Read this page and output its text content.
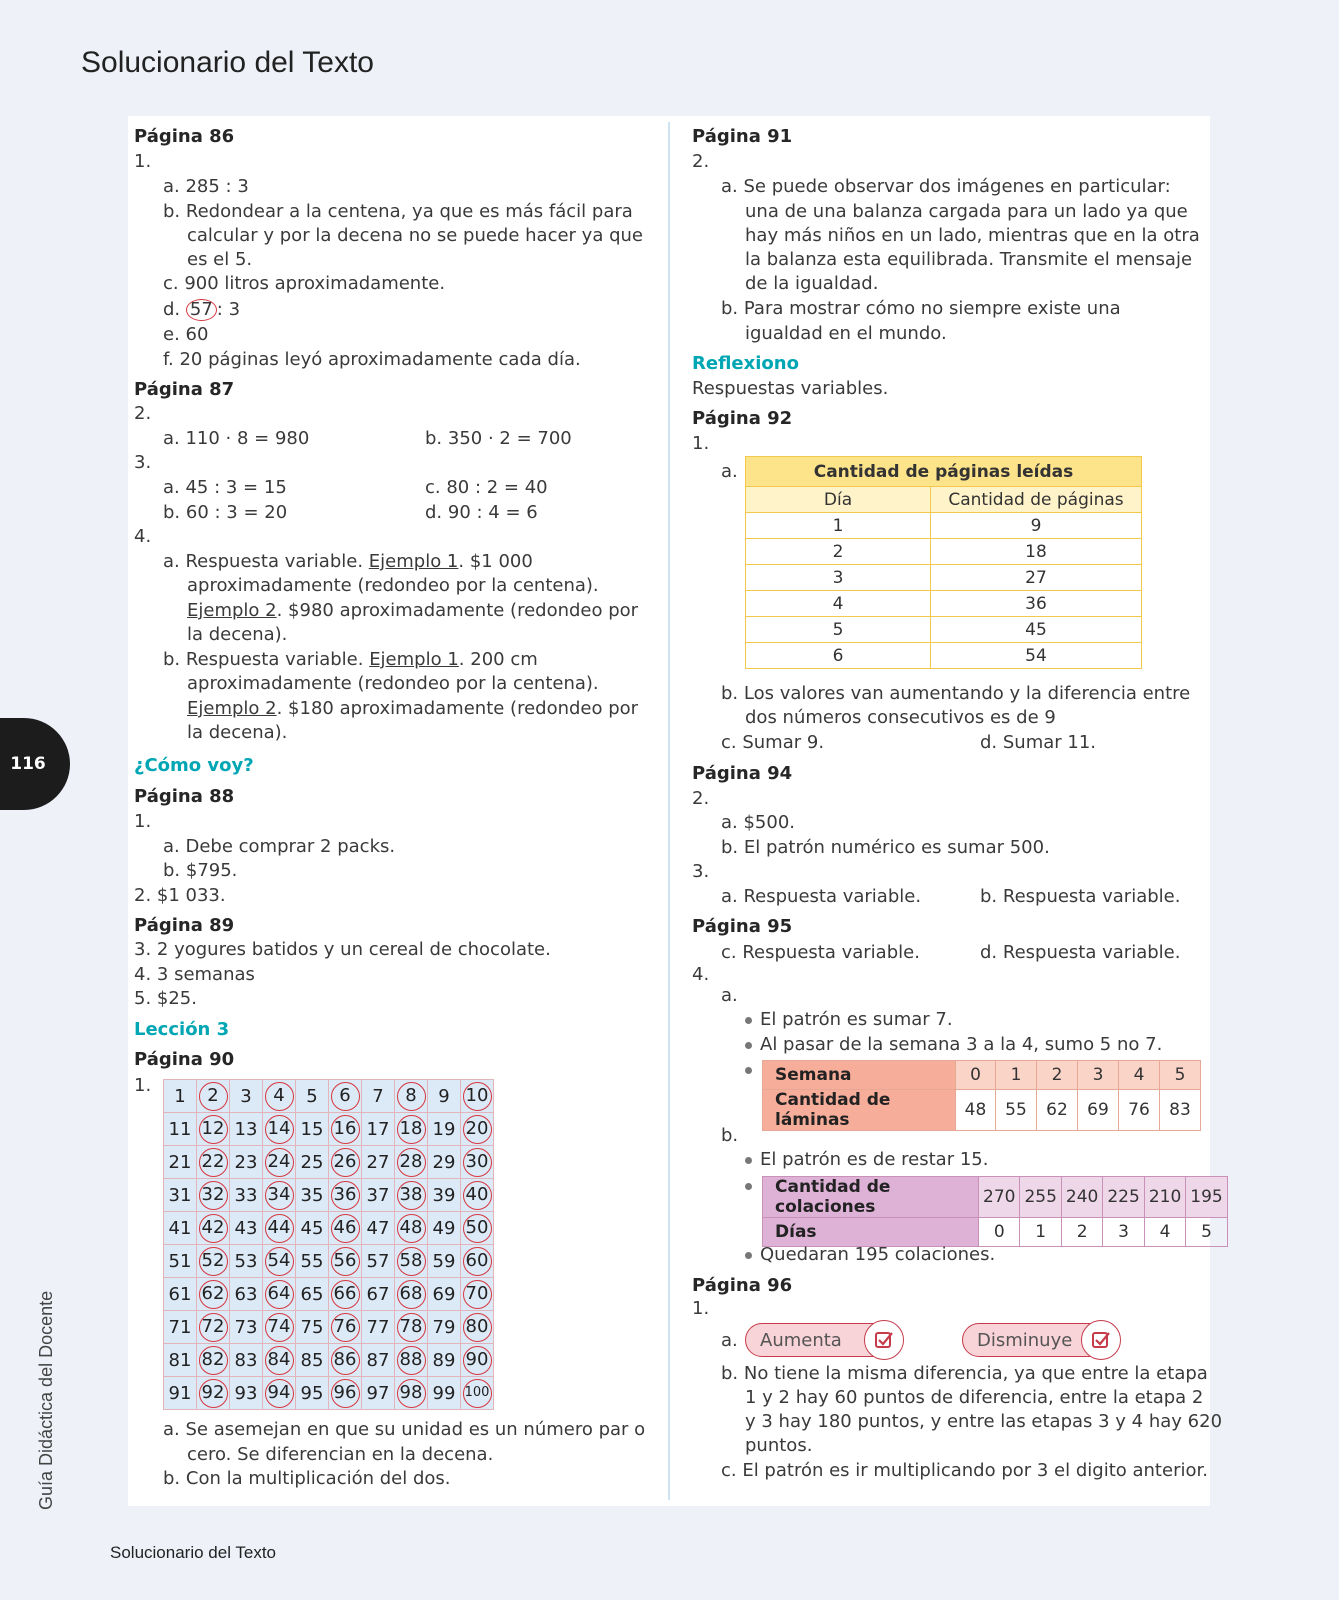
Solucionario del Texto
116
Guía Didáctica del Docente
Solucionario del Texto
Página 86
1.
a. 285 : 3
b. Redondear a la centena, ya que es más fácil para
calcular y por la decena no se puede hacer ya que
es el 5.
c. 900 litros aproximadamente.
d. 57 : 3
e. 60
f. 20 páginas leyó aproximadamente cada día.
Página 87
2.
a. 110 · 8 = 980	b. 350 · 2 = 700
3.
a. 45 : 3 = 15	c. 80 : 2 = 40
b. 60 : 3 = 20	d. 90 : 4 = 6
4.
a. Respuesta variable. Ejemplo 1. $1 000
aproximadamente (redondeo por la centena).
Ejemplo 2. $980 aproximadamente (redondeo por
la decena).
b. Respuesta variable. Ejemplo 1. 200 cm
aproximadamente (redondeo por la centena).
Ejemplo 2. $180 aproximadamente (redondeo por
la decena).
¿Cómo voy?
Página 88
1.
a. Debe comprar 2 packs.
b. $795.
2. $1 033.
Página 89
3. 2 yogures batidos y un cereal de chocolate.
4. 3 semanas
5. $25.
Lección 3
Página 90
1. 1	2	3	4	5	6	7	8	9	10
11	12	13	14	15	16	17	18	19	20
21	22	23	24	25	26	27	28	29	30
31	32	33	34	35	36	37	38	39	40
41	42	43	44	45	46	47	48	49	50
51	52	53	54	55	56	57	58	59	60
61	62	63	64	65	66	67	68	69	70
71	72	73	74	75	76	77	78	79	80
81	82	83	84	85	86	87	88	89	90
91	92	93	94	95	96	97	98	99	100
a. Se asemejan en que su unidad es un número par o
cero. Se diferencian en la decena.
b. Con la multiplicación del dos.
Página 91
2.
a. Se puede observar dos imágenes en particular:
una de una balanza cargada para un lado ya que
hay más niños en un lado, mientras que en la otra
la balanza esta equilibrada. Transmite el mensaje
de la igualdad.
b. Para mostrar cómo no siempre existe una
igualdad en el mundo.
Reflexiono
Respuestas variables.
Página 92
1.
a.	Cantidad de páginas leídas	
Día	Cantidad de páginas
1	9
2	18
3	27
4	36
5	45
6	54
b. Los valores van aumentando y la diferencia entre
dos números consecutivos es de 9
c. Sumar 9.	d. Sumar 11.
Página 94
2.
a. $500.
b. El patrón numérico es sumar 500.
3.
a. Respuesta variable.	b. Respuesta variable.
Página 95
c. Respuesta variable.	d. Respuesta variable.
4.
a.
El patrón es sumar 7.
Al pasar de la semana 3 a la 4, sumo 5 no 7.
Semana	0	1	2	3	4	5
Cantidad de láminas	48	55	62	69	76	83
b.
El patrón es de restar 15.
Cantidad de colaciones	270	255	240	225	210	195
Días	0	1	2	3	4	5
Quedaran 195 colaciones.
Página 96
1.
a. Aumenta	Disminuye
b. No tiene la misma diferencia, ya que entre la etapa
1 y 2 hay 60 puntos de diferencia, entre la etapa 2
y 3 hay 180 puntos, y entre las etapas 3 y 4 hay 620
puntos.
c. El patrón es ir multiplicando por 3 el digito anterior.
